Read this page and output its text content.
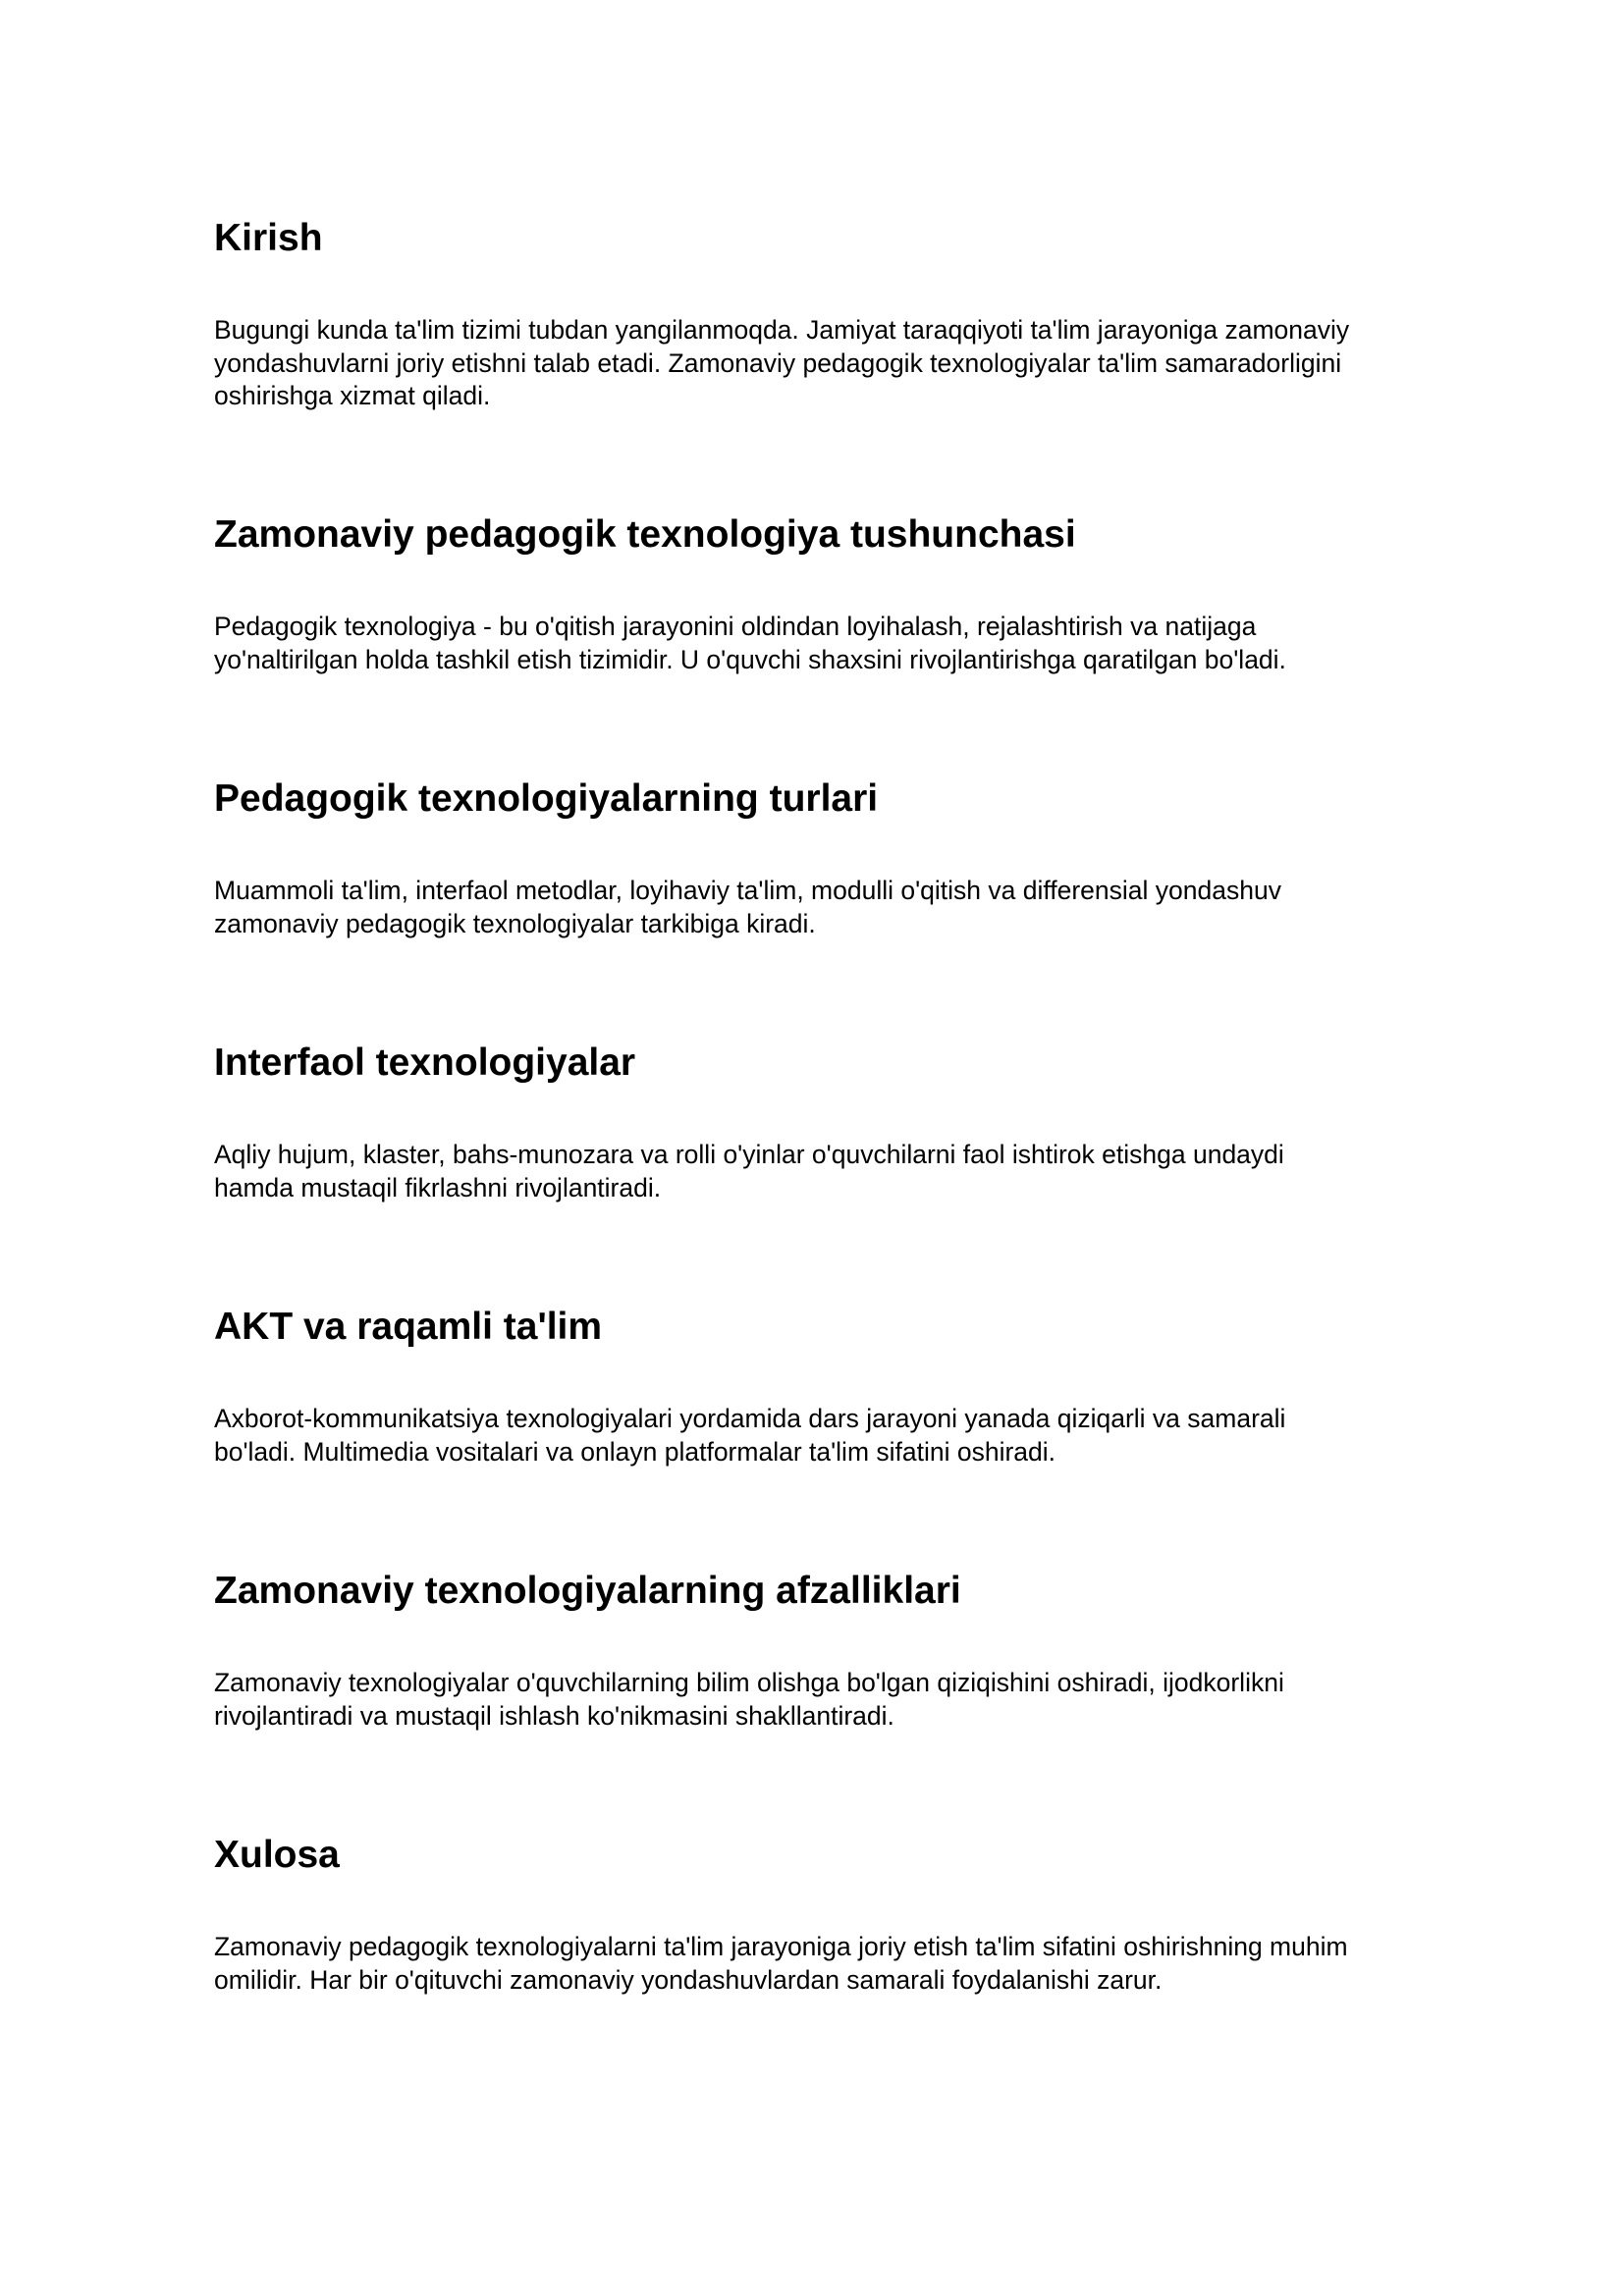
Kirish

Bugungi kunda ta'lim tizimi tubdan yangilanmoqda. Jamiyat taraqqiyoti ta'lim jarayoniga zamonaviy
yondashuvlarni joriy etishni talab etadi. Zamonaviy pedagogik texnologiyalar ta'lim samaradorligini
oshirishga xizmat qiladi.

Zamonaviy pedagogik texnologiya tushunchasi

Pedagogik texnologiya - bu o'qitish jarayonini oldindan loyihalash, rejalashtirish va natijaga
yo'naltirilgan holda tashkil etish tizimidir. U o'quvchi shaxsini rivojlantirishga qaratilgan bo'ladi.

Pedagogik texnologiyalarning turlari

Muammoli ta'lim, interfaol metodlar, loyihaviy ta'lim, modulli o'qitish va differensial yondashuv
zamonaviy pedagogik texnologiyalar tarkibiga kiradi.

Interfaol texnologiyalar

Aqliy hujum, klaster, bahs-munozara va rolli o'yinlar o'quvchilarni faol ishtirok etishga undaydi
hamda mustaqil fikrlashni rivojlantiradi.

AKT va raqamli ta'lim

Axborot-kommunikatsiya texnologiyalari yordamida dars jarayoni yanada qiziqarli va samarali
bo'ladi. Multimedia vositalari va onlayn platformalar ta'lim sifatini oshiradi.

Zamonaviy texnologiyalarning afzalliklari

Zamonaviy texnologiyalar o'quvchilarning bilim olishga bo'lgan qiziqishini oshiradi, ijodkorlikni
rivojlantiradi va mustaqil ishlash ko'nikmasini shakllantiradi.

Xulosa

Zamonaviy pedagogik texnologiyalarni ta'lim jarayoniga joriy etish ta'lim sifatini oshirishning muhim
omilidir. Har bir o'qituvchi zamonaviy yondashuvlardan samarali foydalanishi zarur.
